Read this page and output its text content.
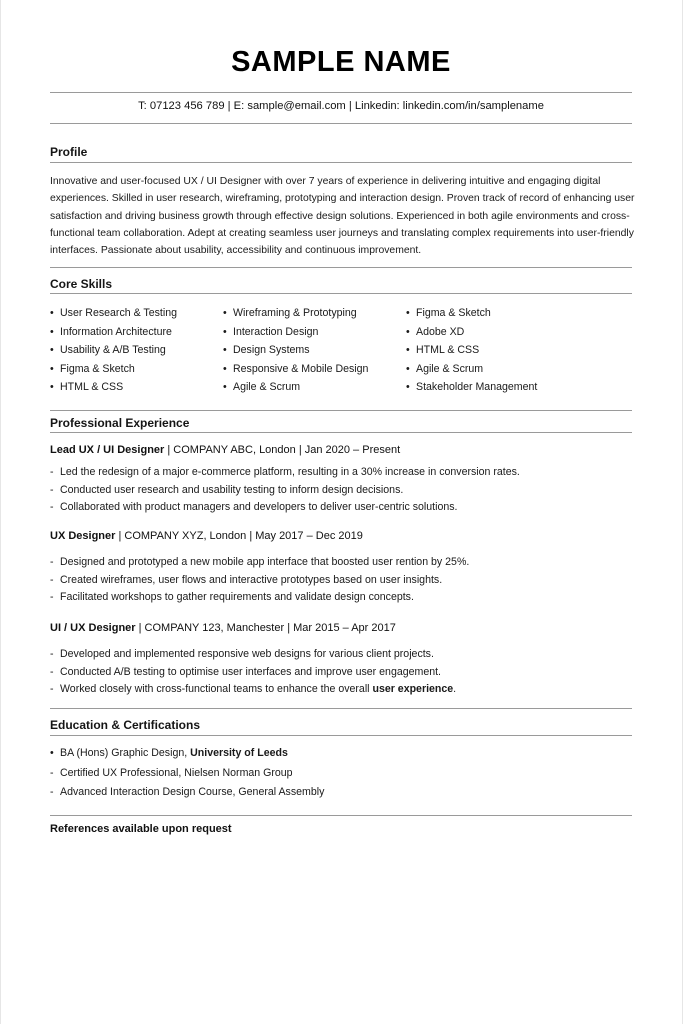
SAMPLE NAME
T: 07123 456 789 | E: sample@email.com | Linkedin: linkedin.com/in/samplename
Profile
Innovative and user-focused UX / UI Designer with over 7 years of experience in delivering intuitive and engaging digital experiences. Skilled in user research, wireframing, prototyping and interaction design. Proven track of record of enhancing user satisfaction and driving business growth through effective design solutions. Experienced in both agile environments and cross-functional team collaboration. Adept at creating seamless user journeys and translating complex requirements into user-friendly interfaces. Passionate about usability, accessibility and continuous improvement.
Core Skills
• User Research & Testing
• Information Architecture
• Usability & A/B Testing
• Figma & Sketch
• HTML & CSS
• Wireframing & Prototyping
• Interaction Design
• Design Systems
• Responsive & Mobile Design
• Agile & Scrum
• Figma & Sketch
• Adobe XD
• HTML & CSS
• Agile & Scrum
• Stakeholder Management
Professional Experience
Lead UX / UI Designer | COMPANY ABC, London | Jan 2020 – Present
- Led the redesign of a major e-commerce platform, resulting in a 30% increase in conversion rates.
- Conducted user research and usability testing to inform design decisions.
- Collaborated with product managers and developers to deliver user-centric solutions.
UX Designer | COMPANY XYZ, London | May 2017 – Dec 2019
- Designed and prototyped a new mobile app interface that boosted user rention by 25%.
- Created wireframes, user flows and interactive prototypes based on user insights.
- Facilitated workshops to gather requirements and validate design concepts.
UI / UX Designer | COMPANY 123, Manchester | Mar 2015 – Apr 2017
- Developed and implemented responsive web designs for various client projects.
- Conducted A/B testing to optimise user interfaces and improve user engagement.
- Worked closely with cross-functional teams to enhance the overall user experience.
Education & Certifications
• BA (Hons) Graphic Design, University of Leeds
- Certified UX Professional, Nielsen Norman Group
- Advanced Interaction Design Course, General Assembly
References available upon request
